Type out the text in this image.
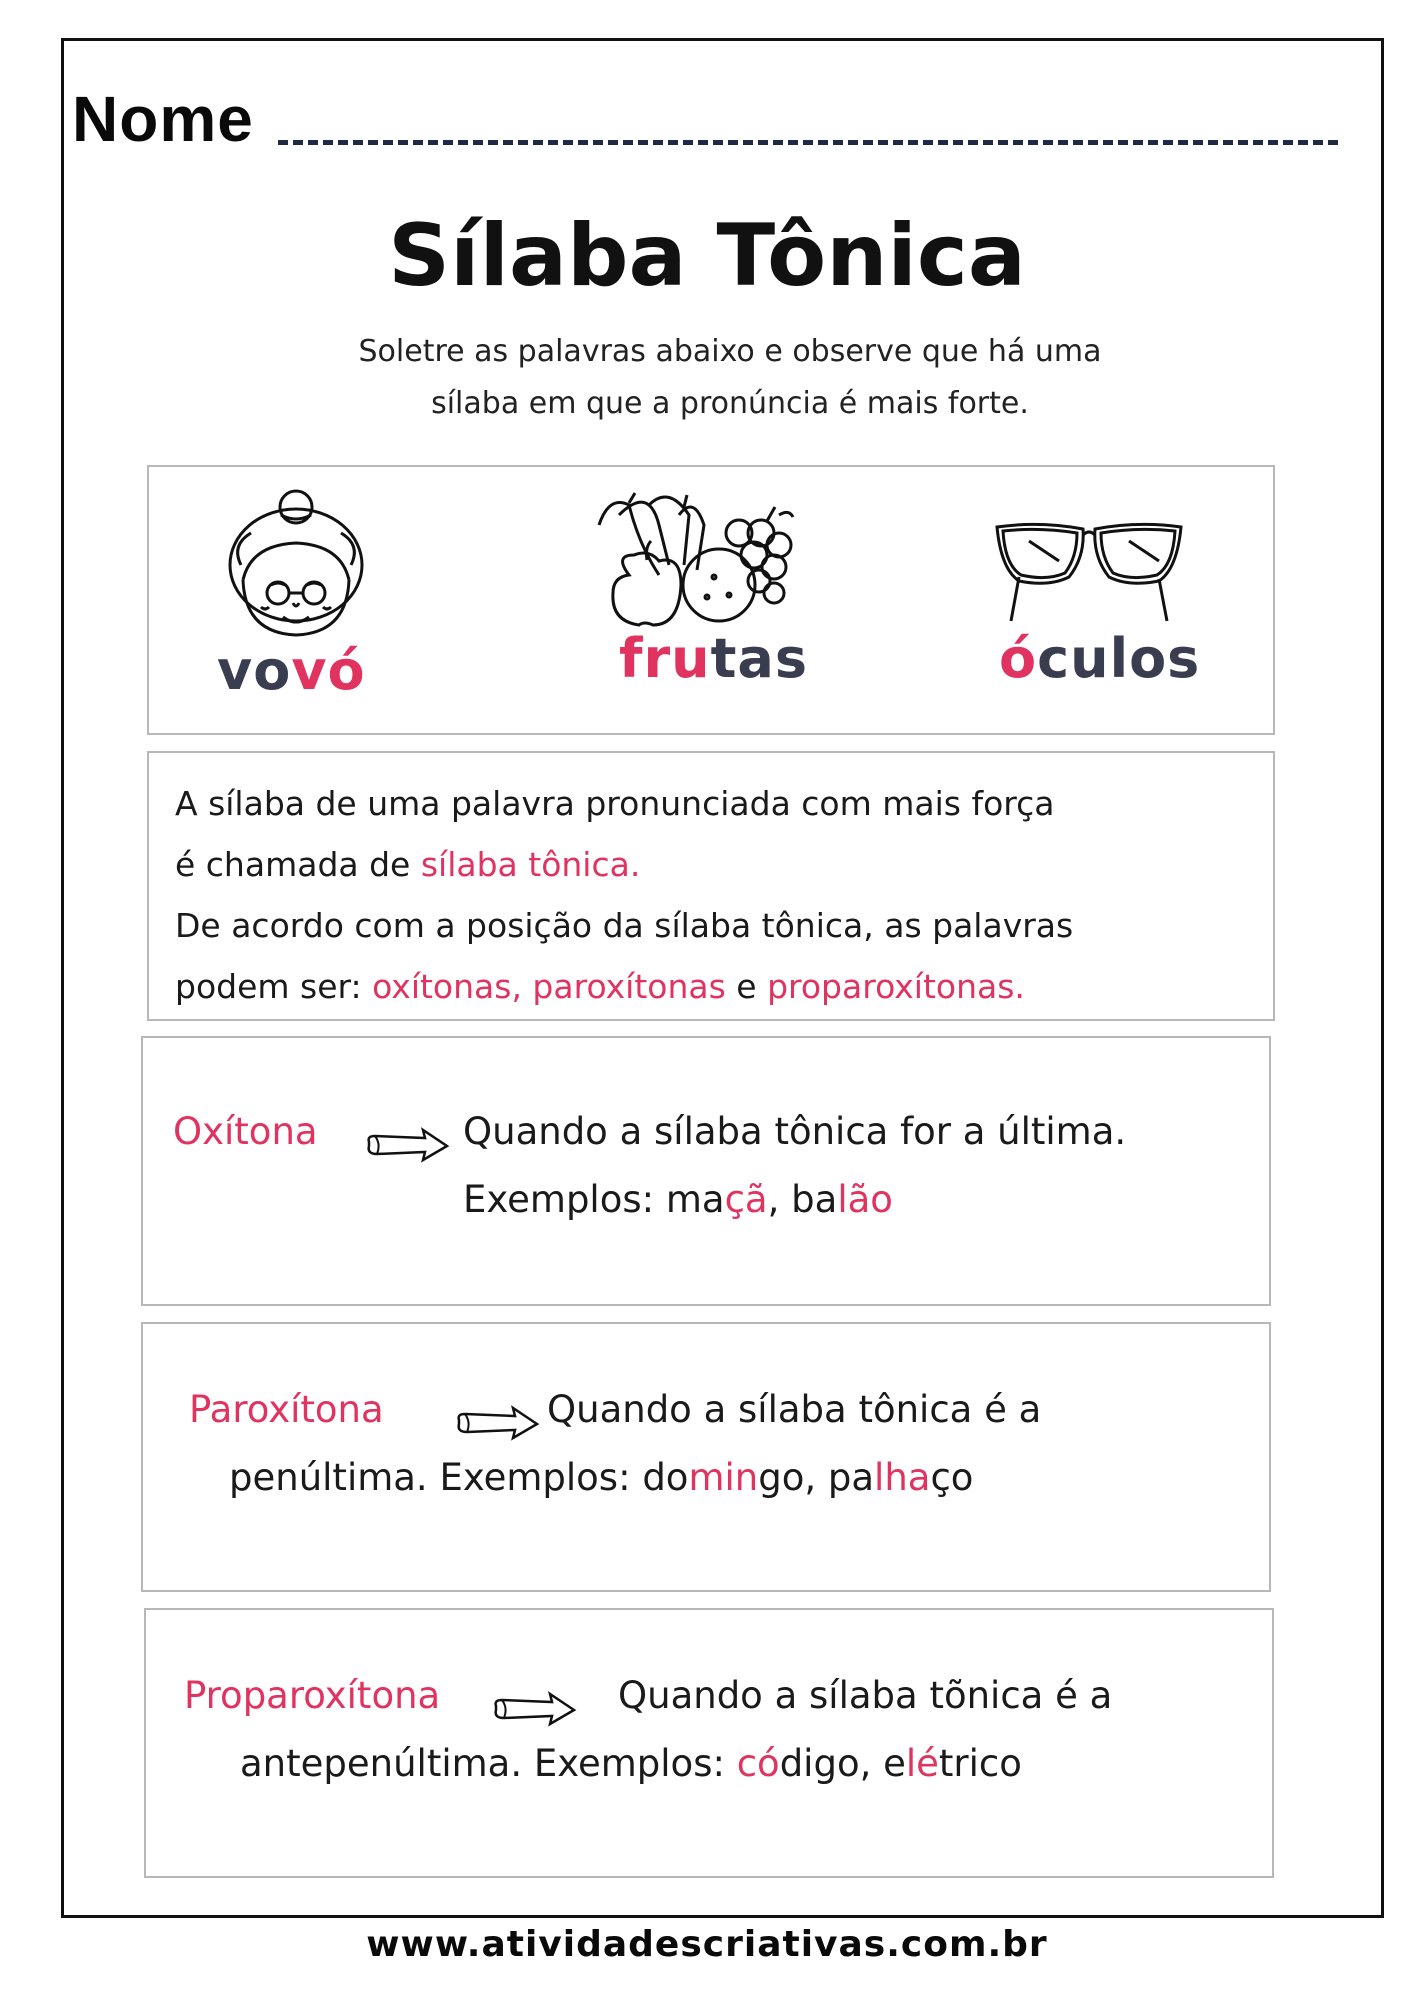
Nome
Sílaba Tônica
Soletre as palavras abaixo e observe que há uma
sílaba em que a pronúncia é mais forte.
vovó	frutas	óculos
A sílaba de uma palavra pronunciada com mais força
é chamada de sílaba tônica.
De acordo com a posição da sílaba tônica, as palavras
podem ser: oxítonas, paroxítonas e proparoxítonas.
Oxítona	Quando a sílaba tônica for a última.
Exemplos: maçã, balão
Paroxítona	Quando a sílaba tônica é a
penúltima. Exemplos: domingo, palhaço
Proparoxítona	Quando a sílaba tõnica é a
antepenúltima. Exemplos: código, elétrico
www.atividadescriativas.com.br
